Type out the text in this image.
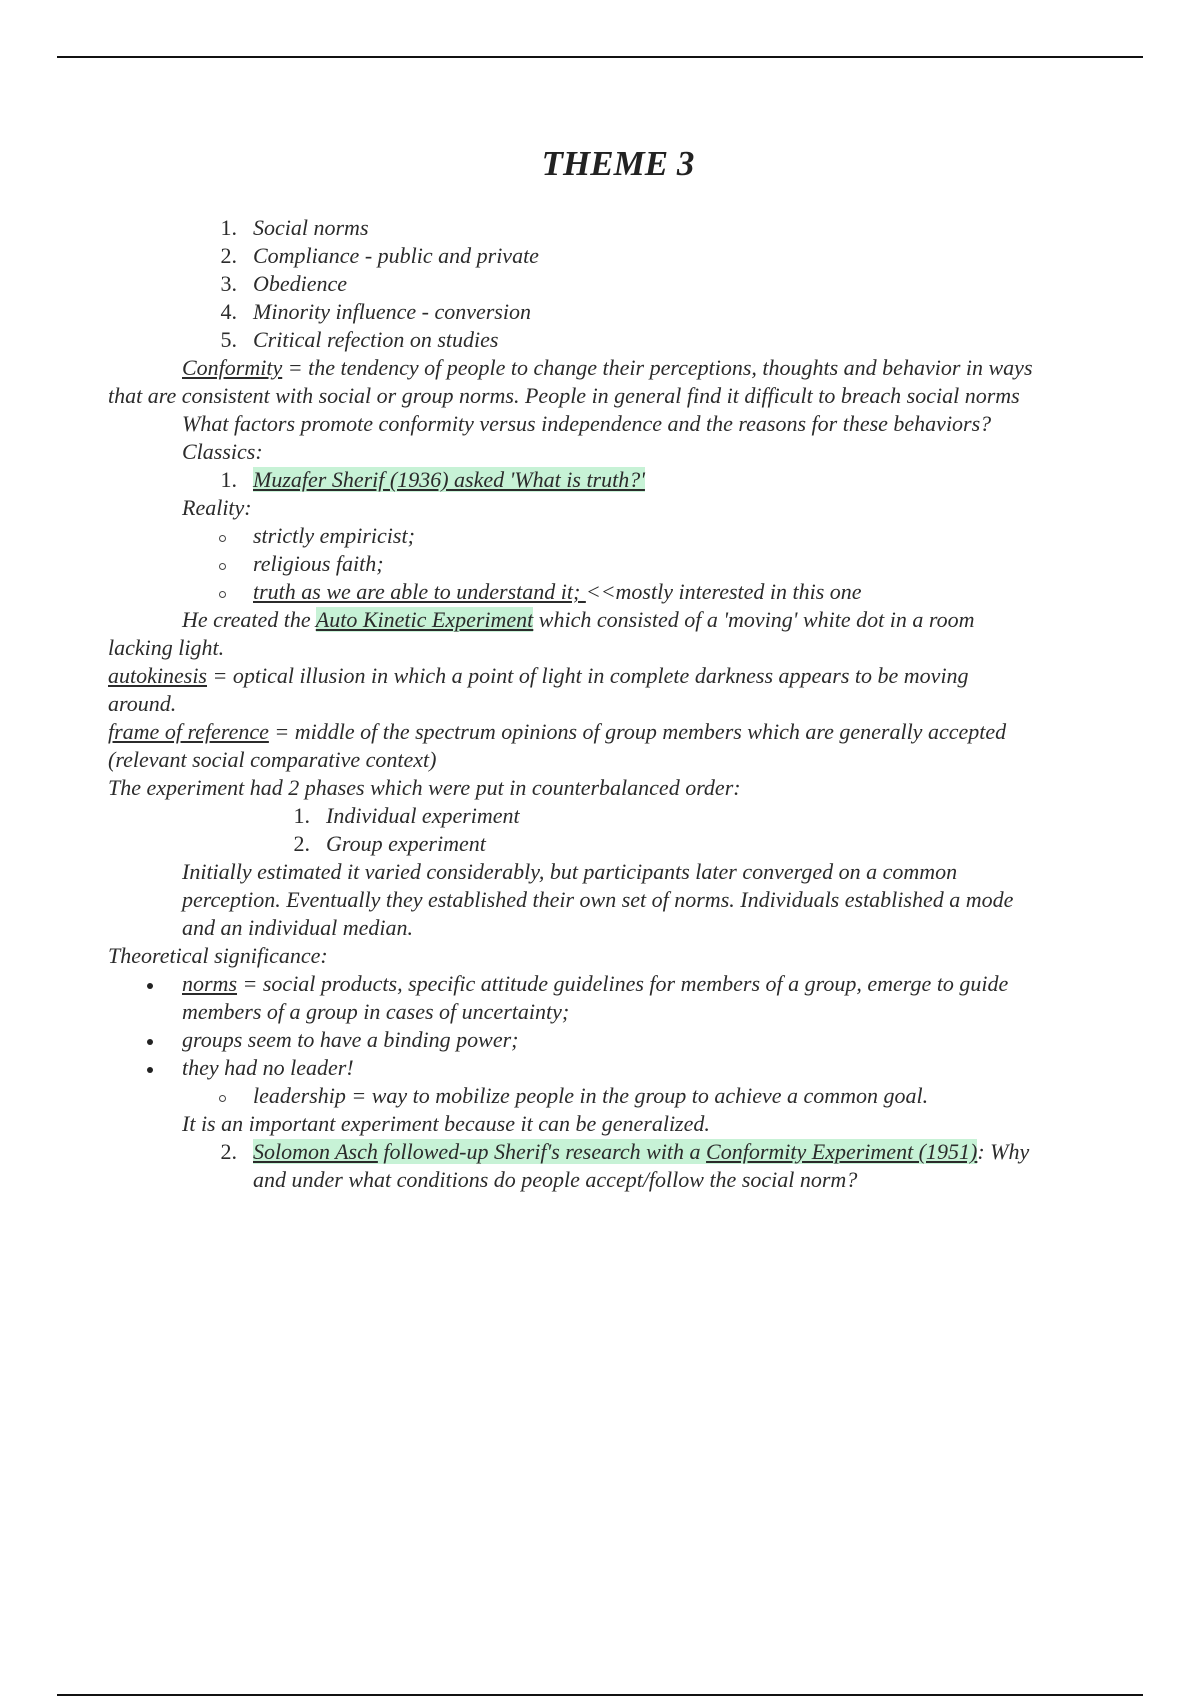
THEME 3
1. Social norms
2. Compliance - public and private
3. Obedience
4. Minority influence - conversion
5. Critical refection on studies
Conformity = the tendency of people to change their perceptions, thoughts and behavior in ways
that are consistent with social or group norms. People in general find it difficult to breach social norms
What factors promote conformity versus independence and the reasons for these behaviors?
Classics:
1. Muzafer Sherif (1936) asked 'What is truth?'
Reality:
strictly empiricist;
religious faith;
truth as we are able to understand it; <<mostly interested in this one
He created the Auto Kinetic Experiment which consisted of a 'moving' white dot in a room
lacking light.
autokinesis = optical illusion in which a point of light in complete darkness appears to be moving
around.
frame of reference = middle of the spectrum opinions of group members which are generally accepted
(relevant social comparative context)
The experiment had 2 phases which were put in counterbalanced order:
1. Individual experiment
2. Group experiment
Initially estimated it varied considerably, but participants later converged on a common
perception. Eventually they established their own set of norms. Individuals established a mode
and an individual median.
Theoretical significance:
norms = social products, specific attitude guidelines for members of a group, emerge to guide
members of a group in cases of uncertainty;
groups seem to have a binding power;
they had no leader!
leadership = way to mobilize people in the group to achieve a common goal.
It is an important experiment because it can be generalized.
2. Solomon Asch followed-up Sherif's research with a Conformity Experiment (1951): Why
and under what conditions do people accept/follow the social norm?
